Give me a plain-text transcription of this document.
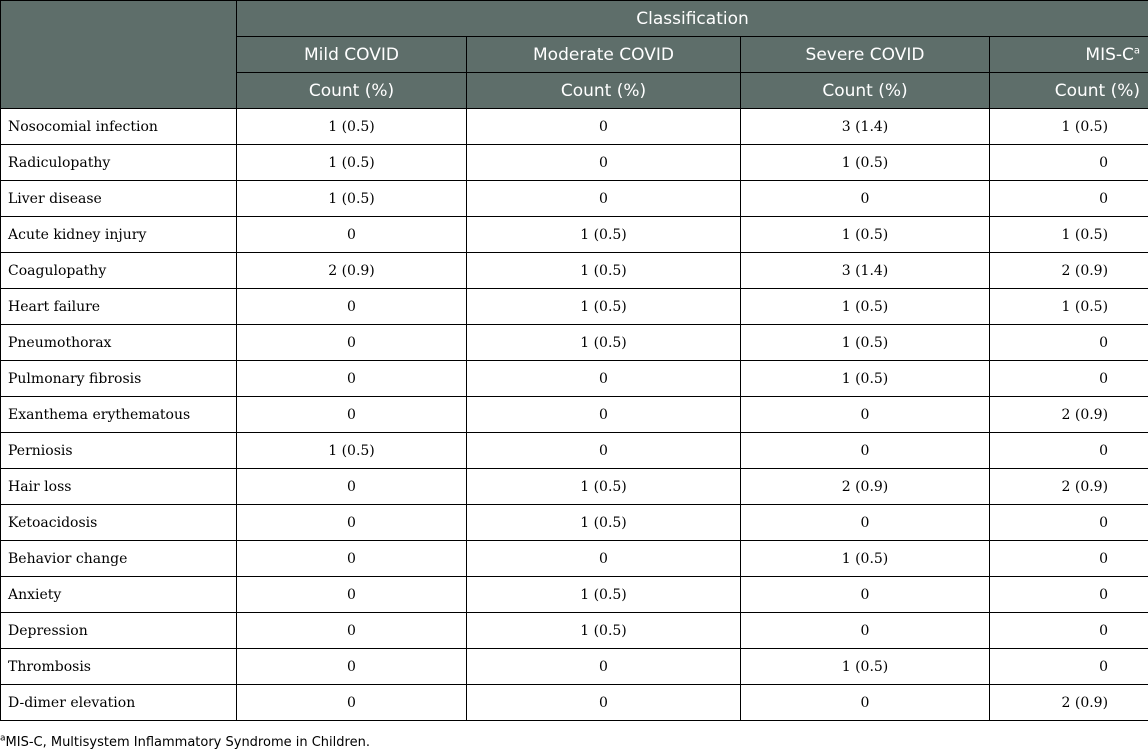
	Classification			
	Mild COVID	Moderate COVID	Severe COVID	MIS-$C^a$
	Count (%)	Count (%)	Count (%)	Count (%)
Nosocomial infection	1 (0.5)	0	3 (1.4)	1 (0.5)
Radiculopathy	1 (0.5)	0	1 (0.5)	0
Liver disease	1 (0.5)	0	0	0
Acute kidney injury	0	1 (0.5)	1 (0.5)	1 (0.5)
Coagulopathy	2 (0.9)	1 (0.5)	3 (1.4)	2 (0.9)
Heart failure	0	1 (0.5)	1 (0.5)	1 (0.5)
Pneumothorax	0	1 (0.5)	1 (0.5)	0
Pulmonary fibrosis	0	0	1 (0.5)	0
Exanthema erythematous	0	0	0	2 (0.9)
Perniosis	1 (0.5)	0	0	0
Hair loss	0	1 (0.5)	2 (0.9)	2 (0.9)
Ketoacidosis	0	1 (0.5)	0	0
Behavior change	0	0	1 (0.5)	0
Anxiety	0	1 (0.5)	0	0
Depression	0	1 (0.5)	0	0
Thrombosis	0	0	1 (0.5)	0
D-dimer elevation	0	0	0	2 (0.9)
$^a$MIS-C, Multisystem Inflammatory Syndrome in Children.
